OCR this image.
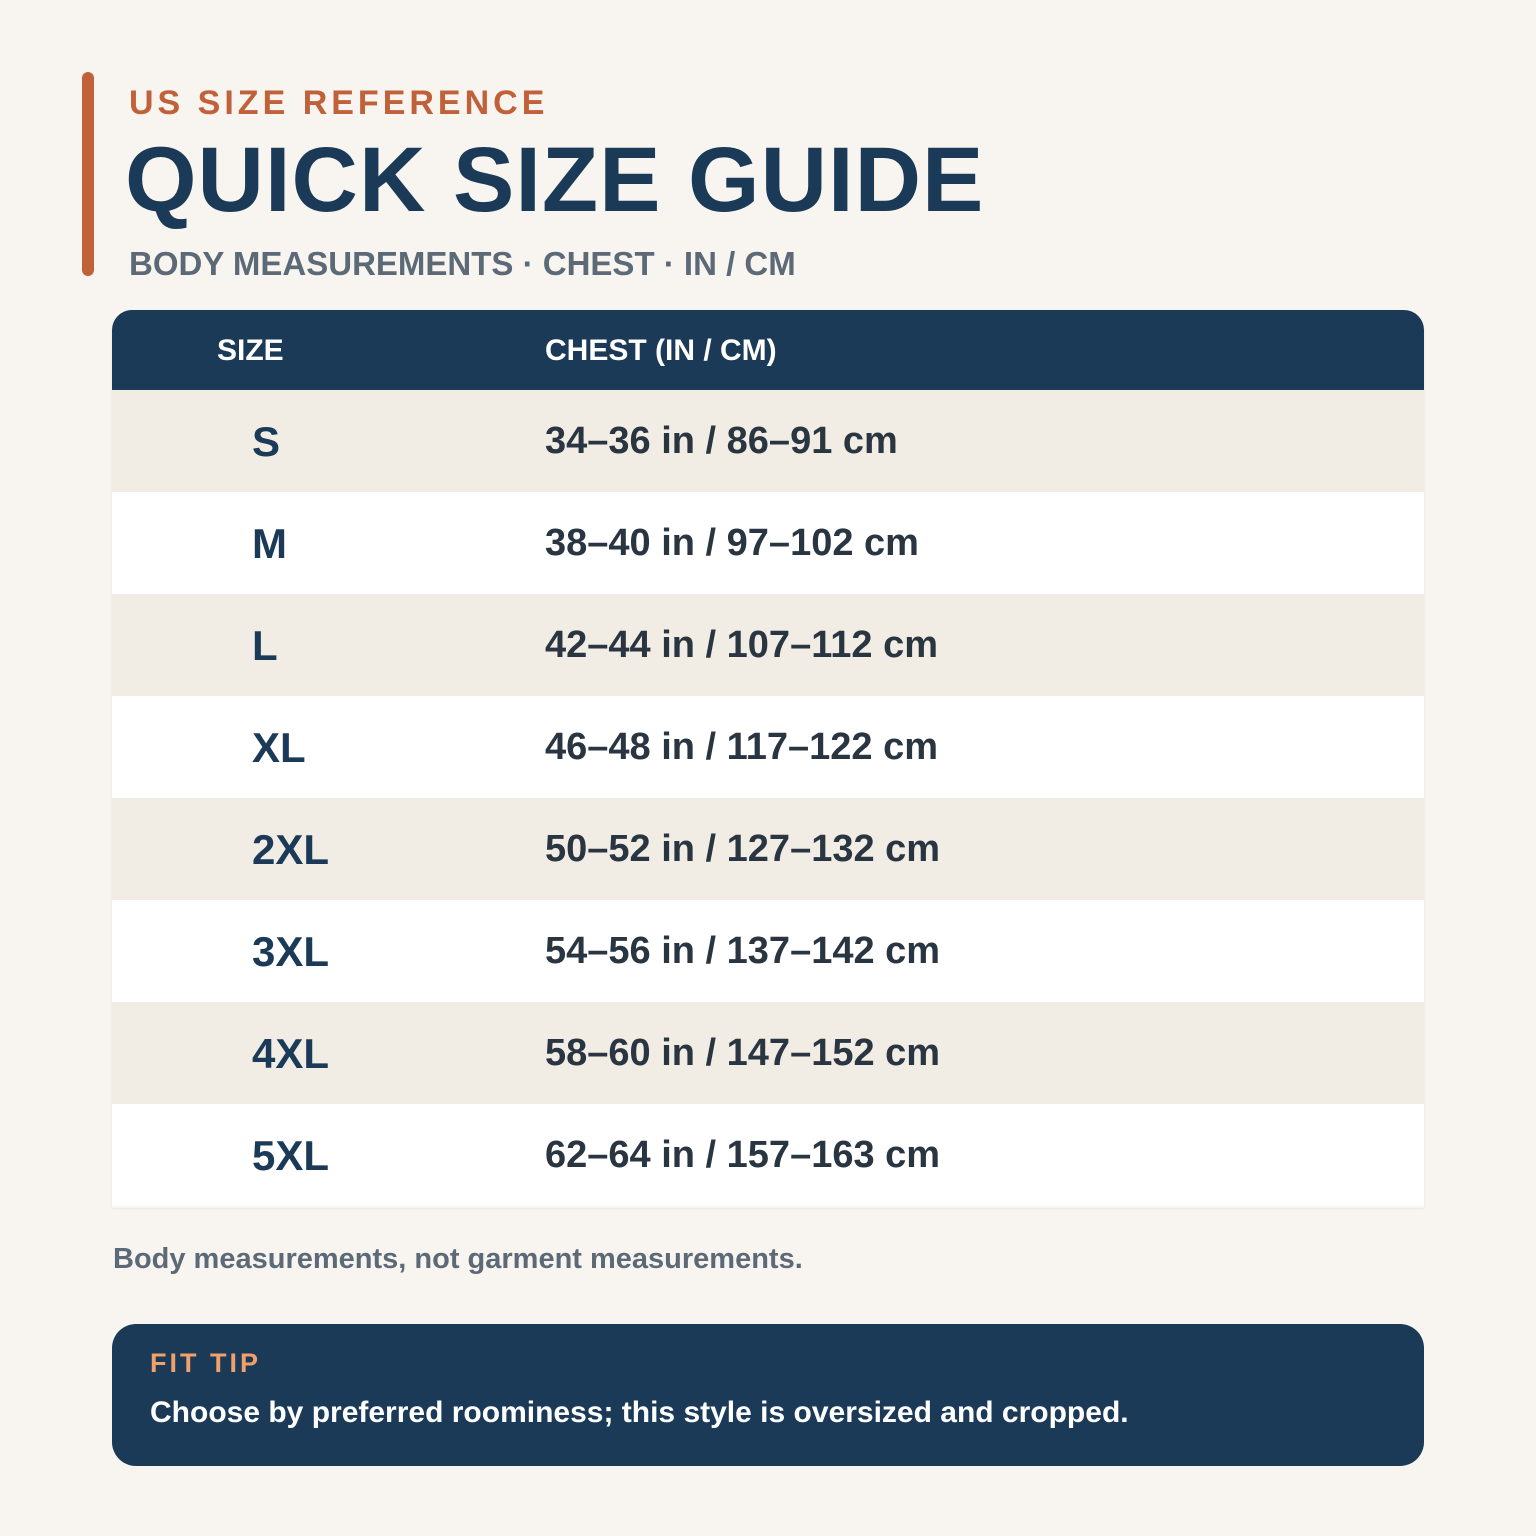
US SIZE REFERENCE
QUICK SIZE GUIDE
BODY MEASUREMENTS · CHEST · IN / CM
SIZE	CHEST (IN / CM)
S	34–36 in / 86–91 cm
M	38–40 in / 97–102 cm
L	42–44 in / 107–112 cm
XL	46–48 in / 117–122 cm
2XL	50–52 in / 127–132 cm
3XL	54–56 in / 137–142 cm
4XL	58–60 in / 147–152 cm
5XL	62–64 in / 157–163 cm
Body measurements, not garment measurements.
FIT TIP
Choose by preferred roominess; this style is oversized and cropped.
